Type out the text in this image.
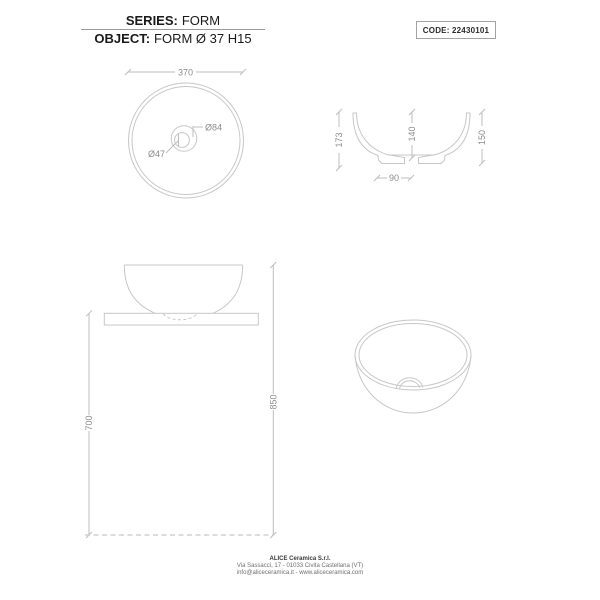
SERIES: FORM
OBJECT: FORM Ø 37 H15
CODE: 22430101
370
Ø84
Ø47
173	140	150
90
700
850
ALICE Ceramica S.r.l.
Via Sassacci, 17 - 01033 Civita Castellana (VT)
info@aliceceramica.it - www.aliceceramica.com
